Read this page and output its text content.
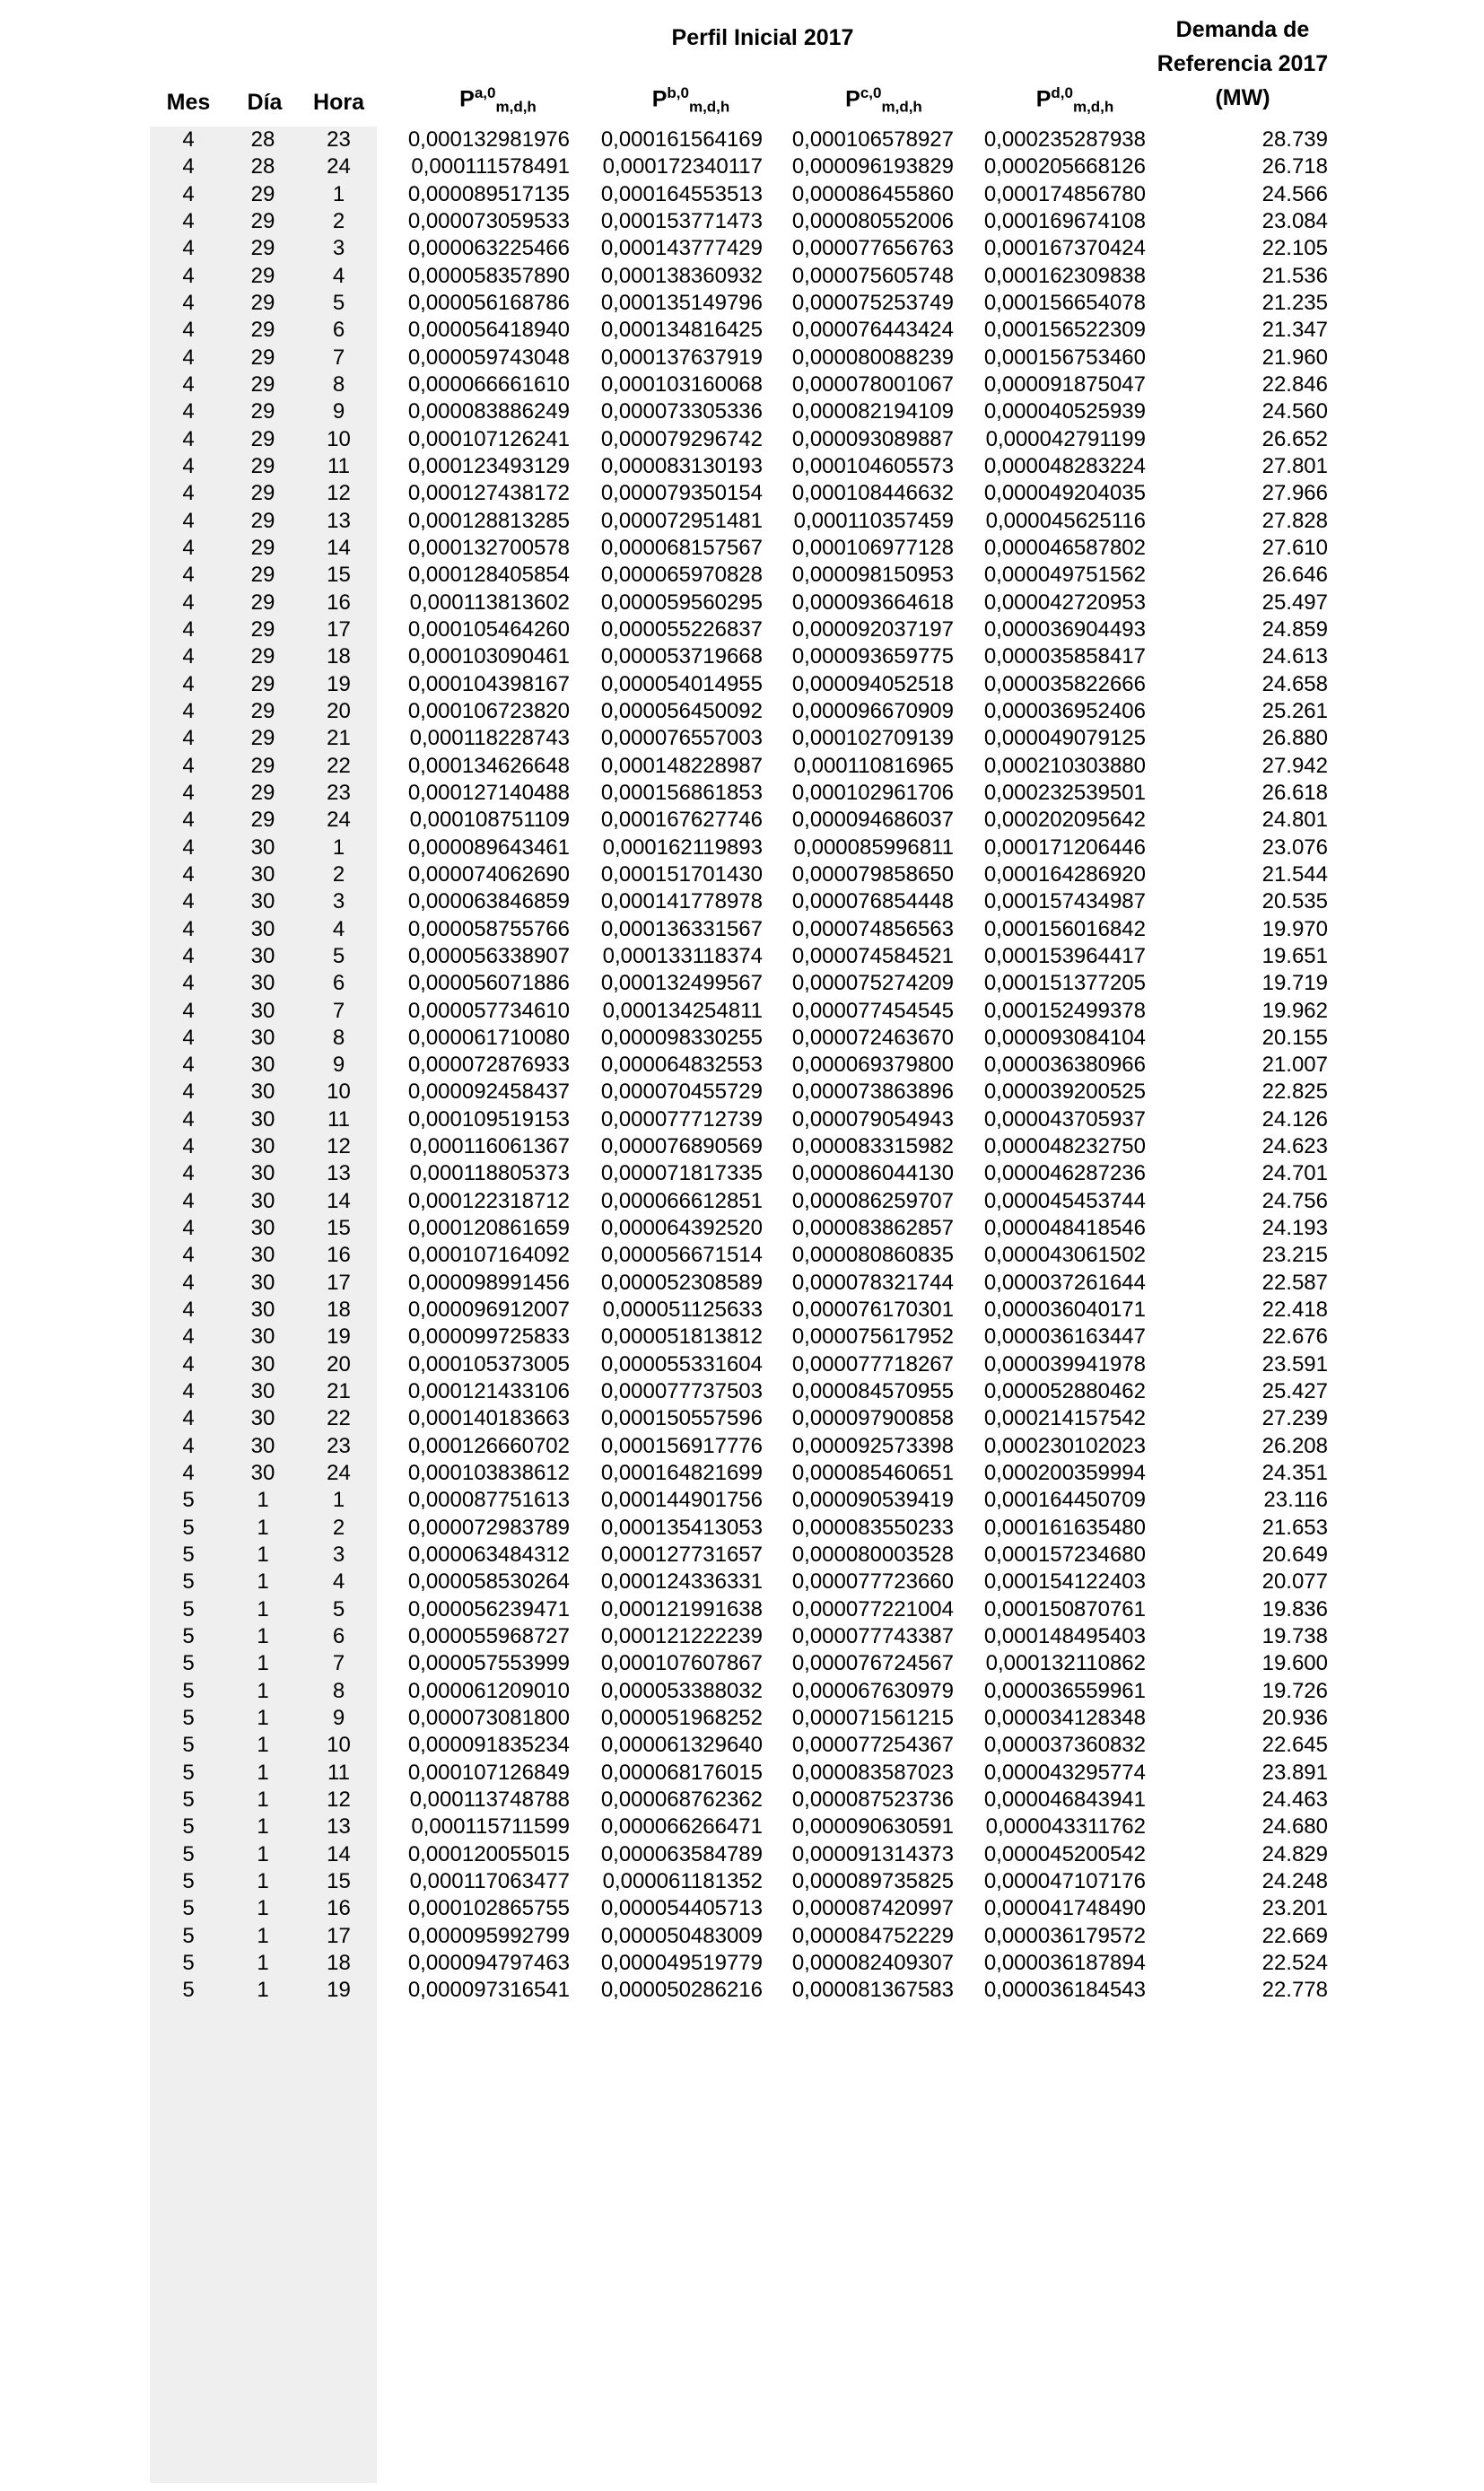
Perfil Inicial 2017	Demanda de
Referencia 2017
(MW)
Mes	Día	Hora	P$^{a,0}_{m,d,h}$	P$^{b,0}_{m,d,h}$	P$^{c,0}_{m,d,h}$	P$^{d,0}_{m,d,h}$
4	28	23	0,000132981976	0,000161564169	0,000106578927	0,000235287938	28.739
4	28	24	0,000111578491	0,000172340117	0,000096193829	0,000205668126	26.718
4	29	1	0,000089517135	0,000164553513	0,000086455860	0,000174856780	24.566
4	29	2	0,000073059533	0,000153771473	0,000080552006	0,000169674108	23.084
4	29	3	0,000063225466	0,000143777429	0,000077656763	0,000167370424	22.105
4	29	4	0,000058357890	0,000138360932	0,000075605748	0,000162309838	21.536
4	29	5	0,000056168786	0,000135149796	0,000075253749	0,000156654078	21.235
4	29	6	0,000056418940	0,000134816425	0,000076443424	0,000156522309	21.347
4	29	7	0,000059743048	0,000137637919	0,000080088239	0,000156753460	21.960
4	29	8	0,000066661610	0,000103160068	0,000078001067	0,000091875047	22.846
4	29	9	0,000083886249	0,000073305336	0,000082194109	0,000040525939	24.560
4	29	10	0,000107126241	0,000079296742	0,000093089887	0,000042791199	26.652
4	29	11	0,000123493129	0,000083130193	0,000104605573	0,000048283224	27.801
4	29	12	0,000127438172	0,000079350154	0,000108446632	0,000049204035	27.966
4	29	13	0,000128813285	0,000072951481	0,000110357459	0,000045625116	27.828
4	29	14	0,000132700578	0,000068157567	0,000106977128	0,000046587802	27.610
4	29	15	0,000128405854	0,000065970828	0,000098150953	0,000049751562	26.646
4	29	16	0,000113813602	0,000059560295	0,000093664618	0,000042720953	25.497
4	29	17	0,000105464260	0,000055226837	0,000092037197	0,000036904493	24.859
4	29	18	0,000103090461	0,000053719668	0,000093659775	0,000035858417	24.613
4	29	19	0,000104398167	0,000054014955	0,000094052518	0,000035822666	24.658
4	29	20	0,000106723820	0,000056450092	0,000096670909	0,000036952406	25.261
4	29	21	0,000118228743	0,000076557003	0,000102709139	0,000049079125	26.880
4	29	22	0,000134626648	0,000148228987	0,000110816965	0,000210303880	27.942
4	29	23	0,000127140488	0,000156861853	0,000102961706	0,000232539501	26.618
4	29	24	0,000108751109	0,000167627746	0,000094686037	0,000202095642	24.801
4	30	1	0,000089643461	0,000162119893	0,000085996811	0,000171206446	23.076
4	30	2	0,000074062690	0,000151701430	0,000079858650	0,000164286920	21.544
4	30	3	0,000063846859	0,000141778978	0,000076854448	0,000157434987	20.535
4	30	4	0,000058755766	0,000136331567	0,000074856563	0,000156016842	19.970
4	30	5	0,000056338907	0,000133118374	0,000074584521	0,000153964417	19.651
4	30	6	0,000056071886	0,000132499567	0,000075274209	0,000151377205	19.719
4	30	7	0,000057734610	0,000134254811	0,000077454545	0,000152499378	19.962
4	30	8	0,000061710080	0,000098330255	0,000072463670	0,000093084104	20.155
4	30	9	0,000072876933	0,000064832553	0,000069379800	0,000036380966	21.007
4	30	10	0,000092458437	0,000070455729	0,000073863896	0,000039200525	22.825
4	30	11	0,000109519153	0,000077712739	0,000079054943	0,000043705937	24.126
4	30	12	0,000116061367	0,000076890569	0,000083315982	0,000048232750	24.623
4	30	13	0,000118805373	0,000071817335	0,000086044130	0,000046287236	24.701
4	30	14	0,000122318712	0,000066612851	0,000086259707	0,000045453744	24.756
4	30	15	0,000120861659	0,000064392520	0,000083862857	0,000048418546	24.193
4	30	16	0,000107164092	0,000056671514	0,000080860835	0,000043061502	23.215
4	30	17	0,000098991456	0,000052308589	0,000078321744	0,000037261644	22.587
4	30	18	0,000096912007	0,000051125633	0,000076170301	0,000036040171	22.418
4	30	19	0,000099725833	0,000051813812	0,000075617952	0,000036163447	22.676
4	30	20	0,000105373005	0,000055331604	0,000077718267	0,000039941978	23.591
4	30	21	0,000121433106	0,000077737503	0,000084570955	0,000052880462	25.427
4	30	22	0,000140183663	0,000150557596	0,000097900858	0,000214157542	27.239
4	30	23	0,000126660702	0,000156917776	0,000092573398	0,000230102023	26.208
4	30	24	0,000103838612	0,000164821699	0,000085460651	0,000200359994	24.351
5	1	1	0,000087751613	0,000144901756	0,000090539419	0,000164450709	23.116
5	1	2	0,000072983789	0,000135413053	0,000083550233	0,000161635480	21.653
5	1	3	0,000063484312	0,000127731657	0,000080003528	0,000157234680	20.649
5	1	4	0,000058530264	0,000124336331	0,000077723660	0,000154122403	20.077
5	1	5	0,000056239471	0,000121991638	0,000077221004	0,000150870761	19.836
5	1	6	0,000055968727	0,000121222239	0,000077743387	0,000148495403	19.738
5	1	7	0,000057553999	0,000107607867	0,000076724567	0,000132110862	19.600
5	1	8	0,000061209010	0,000053388032	0,000067630979	0,000036559961	19.726
5	1	9	0,000073081800	0,000051968252	0,000071561215	0,000034128348	20.936
5	1	10	0,000091835234	0,000061329640	0,000077254367	0,000037360832	22.645
5	1	11	0,000107126849	0,000068176015	0,000083587023	0,000043295774	23.891
5	1	12	0,000113748788	0,000068762362	0,000087523736	0,000046843941	24.463
5	1	13	0,000115711599	0,000066266471	0,000090630591	0,000043311762	24.680
5	1	14	0,000120055015	0,000063584789	0,000091314373	0,000045200542	24.829
5	1	15	0,000117063477	0,000061181352	0,000089735825	0,000047107176	24.248
5	1	16	0,000102865755	0,000054405713	0,000087420997	0,000041748490	23.201
5	1	17	0,000095992799	0,000050483009	0,000084752229	0,000036179572	22.669
5	1	18	0,000094797463	0,000049519779	0,000082409307	0,000036187894	22.524
5	1	19	0,000097316541	0,000050286216	0,000081367583	0,000036184543	22.778
